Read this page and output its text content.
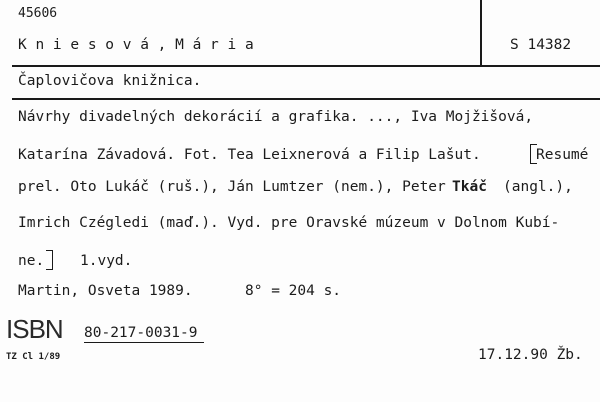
45606
K n i e s o v á , M á r i a	S 14382
Čaplovičova knižnica.
Návrhy divadelných dekorácií a grafika. ..., Iva Mojžišová,
Katarína Závadová. Fot. Tea Leixnerová a Filip Lašut.	Resumé
prel. Oto Lukáč (ruš.), Ján Lumtzer (nem.), Peter Tkáč (angl.),
Imrich Czégledi (maď.). Vyd. pre Oravské múzeum v Dolnom Kubí-
ne. 1.vyd.
Martin, Osveta 1989.	8° = 204 s.
ISBN 80-217-0031-9
TZ Cl 1/89	17.12.90 Žb.
